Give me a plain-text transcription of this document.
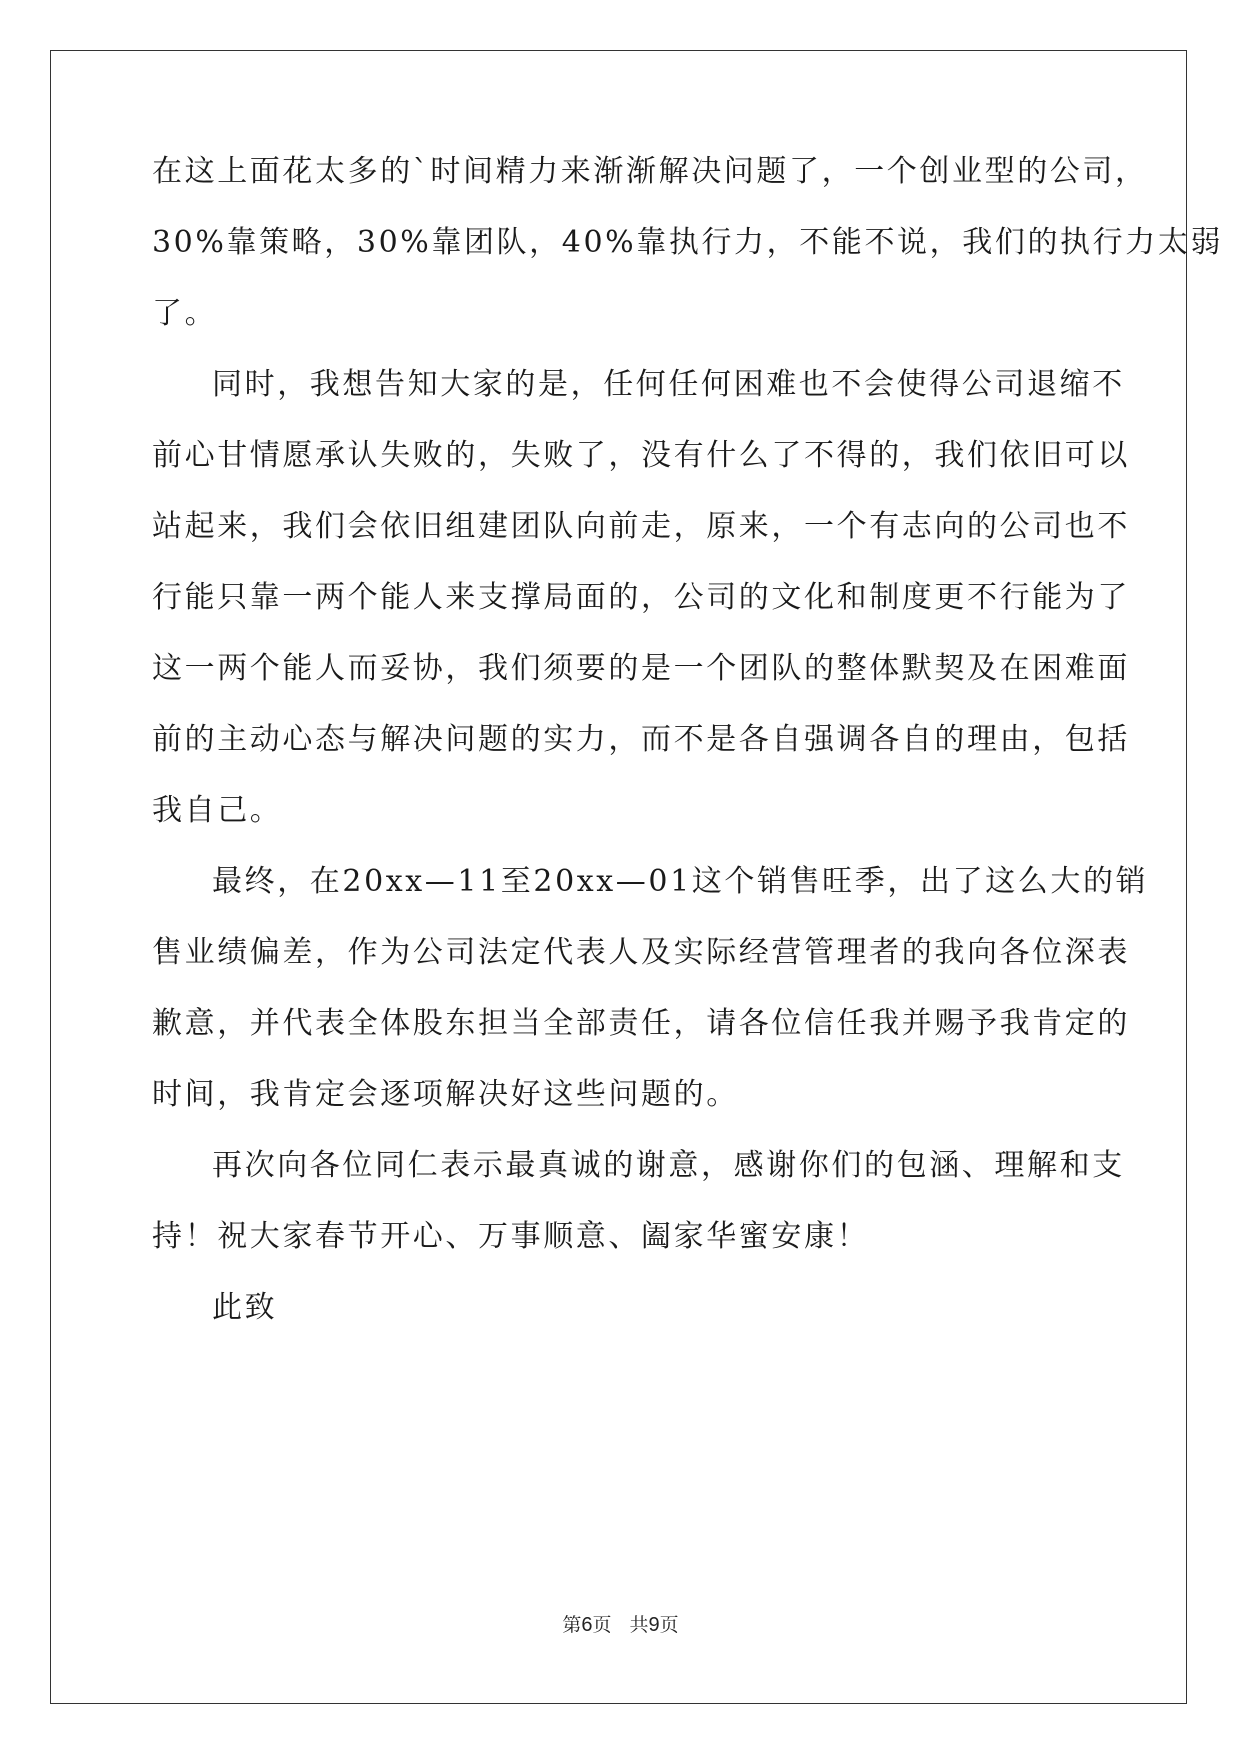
在这上面花太多的`时间精力来渐渐解决问题了，一个创业型的公司，

30%靠策略，30%靠团队，40%靠执行力，不能不说，我们的执行力太弱

了。

同时，我想告知大家的是，任何任何困难也不会使得公司退缩不

前心甘情愿承认失败的，失败了，没有什么了不得的，我们依旧可以

站起来，我们会依旧组建团队向前走，原来，一个有志向的公司也不

行能只靠一两个能人来支撑局面的，公司的文化和制度更不行能为了

这一两个能人而妥协，我们须要的是一个团队的整体默契及在困难面

前的主动心态与解决问题的实力，而不是各自强调各自的理由，包括

我自己。

最终，在20xx—11至20xx—01这个销售旺季，出了这么大的销

售业绩偏差，作为公司法定代表人及实际经营管理者的我向各位深表

歉意，并代表全体股东担当全部责任，请各位信任我并赐予我肯定的

时间，我肯定会逐项解决好这些问题的。

再次向各位同仁表示最真诚的谢意，感谢你们的包涵、理解和支

持！祝大家春节开心、万事顺意、阖家华蜜安康！

此致

第6页 共9页
